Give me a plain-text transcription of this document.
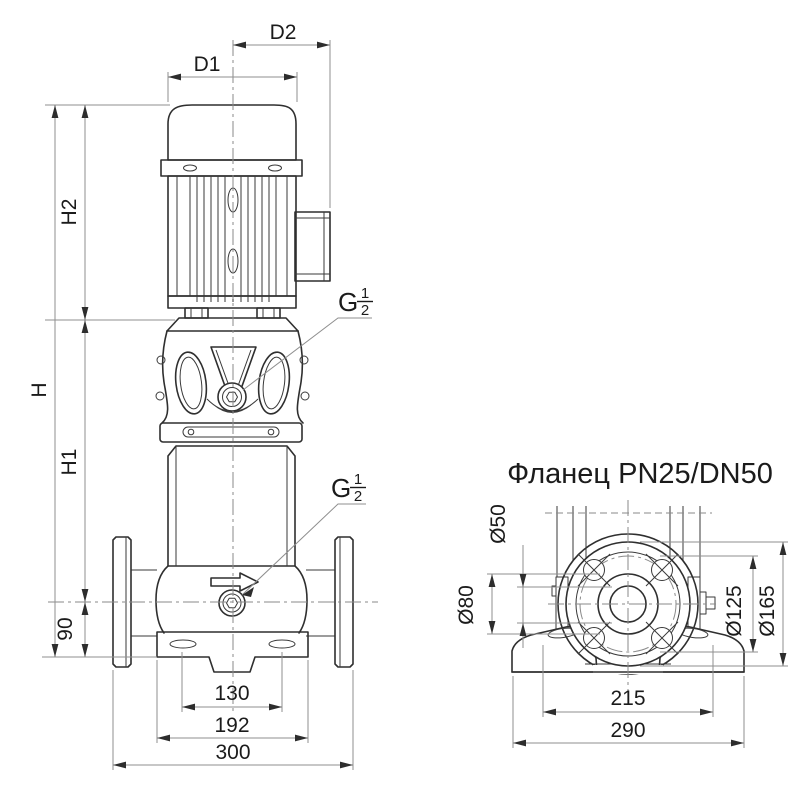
D2
D1
H
H2
H1
90
130
192
300
G 1
2
G 1
2
Фланец PN25/DN50
Ø50
Ø80	Ø125 Ø165
215
290
